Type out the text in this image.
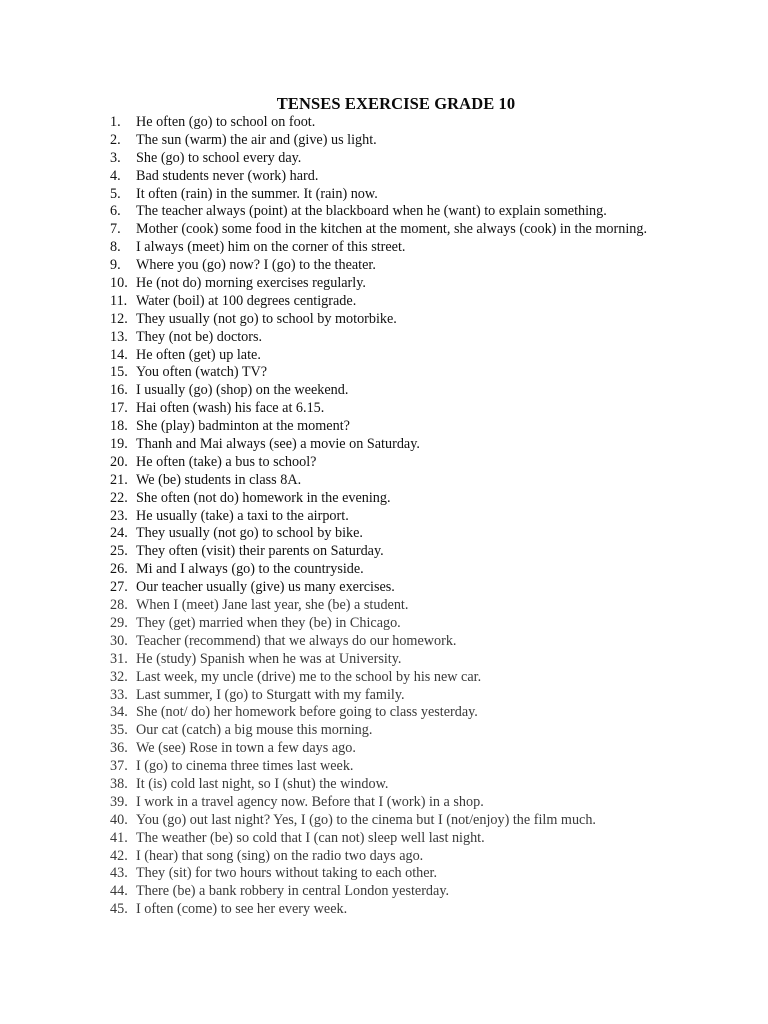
TENSES EXERCISE GRADE 10
1. He often (go) to school on foot.
2. The sun (warm) the air and (give) us light.
3. She (go) to school every day.
4. Bad students never (work) hard.
5. It often (rain) in the summer. It (rain) now.
6. The teacher always (point) at the blackboard when he (want) to explain something.
7. Mother (cook) some food in the kitchen at the moment, she always (cook) in the morning.
8. I always (meet) him on the corner of this street.
9. Where you (go) now? I (go) to the theater.
10. He (not do) morning exercises regularly.
11. Water (boil) at 100 degrees centigrade.
12. They usually (not go) to school by motorbike.
13. They (not be) doctors.
14. He often (get) up late.
15. You often (watch) TV?
16. I usually (go) (shop) on the weekend.
17. Hai often (wash) his face at 6.15.
18. She (play) badminton at the moment?
19. Thanh and Mai always (see) a movie on Saturday.
20. He often (take) a bus to school?
21. We (be) students in class 8A.
22. She often (not do) homework in the evening.
23. He usually (take) a taxi to the airport.
24. They usually (not go) to school by bike.
25. They often (visit) their parents on Saturday.
26. Mi and I always (go) to the countryside.
27. Our teacher usually (give) us many exercises.
28. When I (meet) Jane last year, she (be) a student.
29. They (get) married when they (be) in Chicago.
30. Teacher (recommend) that we always do our homework.
31. He (study) Spanish when he was at University.
32. Last week, my uncle (drive) me to the school by his new car.
33. Last summer, I (go) to Sturgatt with my family.
34. She (not/ do) her homework before going to class yesterday.
35. Our cat (catch) a big mouse this morning.
36. We (see) Rose in town a few days ago.
37. I (go) to cinema three times last week.
38. It (is) cold last night, so I (shut) the window.
39. I work in a travel agency now. Before that I (work) in a shop.
40. You (go) out last night? Yes, I (go) to the cinema but I (not/enjoy) the film much.
41. The weather (be) so cold that I (can not) sleep well last night.
42. I (hear) that song (sing) on the radio two days ago.
43. They (sit) for two hours without taking to each other.
44. There (be) a bank robbery in central London yesterday.
45. I often (come) to see her every week.
